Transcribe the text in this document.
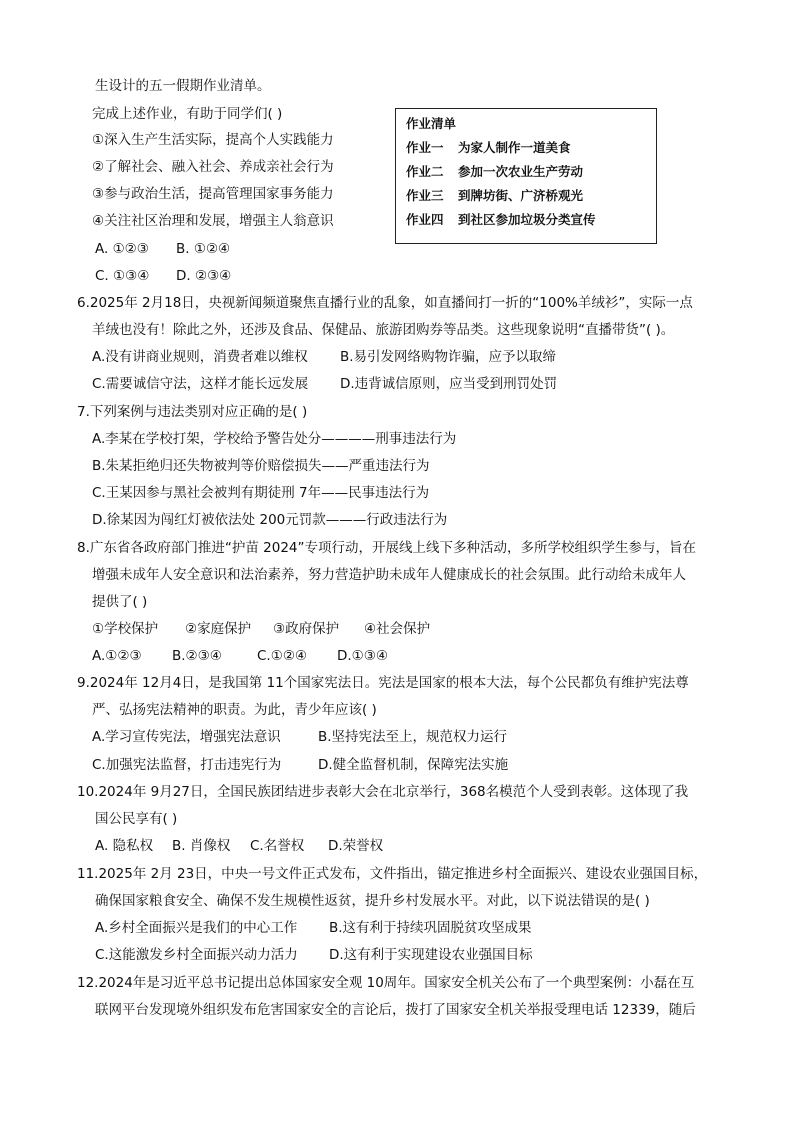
生设计的五一假期作业清单。
完成上述作业，有助于同学们( )
①深入生产生活实际，提高个人实践能力
②了解社会、融入社会、养成亲社会行为
③参与政治生活，提高管理国家事务能力
④关注社区治理和发展，增强主人翁意识
A. ①②③ B. ①②④
C. ①③④ D. ②③④
作业清单
作业一 为家人制作一道美食
作业二 参加一次农业生产劳动
作业三 到牌坊街、广济桥观光
作业四 到社区参加垃圾分类宣传
6.2025年 2月18日，央视新闻频道聚焦直播行业的乱象，如直播间打一折的“100%羊绒衫”，实际一点
羊绒也没有！除此之外，还涉及食品、保健品、旅游团购券等品类。这些现象说明“直播带货”( )。
A.没有讲商业规则，消费者难以维权 B.易引发网络购物诈骗，应予以取缔
C.需要诚信守法，这样才能长远发展 D.违背诚信原则，应当受到刑罚处罚
7.下列案例与违法类别对应正确的是( )
A.李某在学校打架，学校给予警告处分————刑事违法行为
B.朱某拒绝归还失物被判等价赔偿损失——严重违法行为
C.王某因参与黑社会被判有期徒刑 7年——民事违法行为
D.徐某因为闯红灯被依法处 200元罚款———行政违法行为
8.广东省各政府部门推进“护苗 2024”专项行动，开展线上线下多种活动，多所学校组织学生参与，旨在
增强未成年人安全意识和法治素养，努力营造护助未成年人健康成长的社会氛围。此行动给未成年人
提供了( )
①学校保护 ②家庭保护 ③政府保护 ④社会保护
A.①②③ B.②③④	C.①②④ D.①③④
9.2024年 12月4日，是我国第 11个国家宪法日。宪法是国家的根本大法，每个公民都负有维护宪法尊
严、弘扬宪法精神的职责。为此，青少年应该( )
A.学习宣传宪法，增强宪法意识	B.坚持宪法至上，规范权力运行
C.加强宪法监督，打击违宪行为	D.健全监督机制，保障宪法实施
10.2024年 9月27日，全国民族团结进步表彰大会在北京举行，368名模范个人受到表彰。这体现了我
国公民享有( )
A. 隐私权 B. 肖像权 C.名誉权 D.荣誉权
11.2025年 2月 23日，中央一号文件正式发布，文件指出，锚定推进乡村全面振兴、建设农业强国目标，
确保国家粮食安全、确保不发生规模性返贫，提升乡村发展水平。对此，以下说法错误的是( )
A.乡村全面振兴是我们的中心工作 B.这有利于持续巩固脱贫攻坚成果
C.这能激发乡村全面振兴动力活力 D.这有利于实现建设农业强国目标
12.2024年是习近平总书记提出总体国家安全观 10周年。国家安全机关公布了一个典型案例：小磊在互
联网平台发现境外组织发布危害国家安全的言论后，拨打了国家安全机关举报受理电话 12339，随后
